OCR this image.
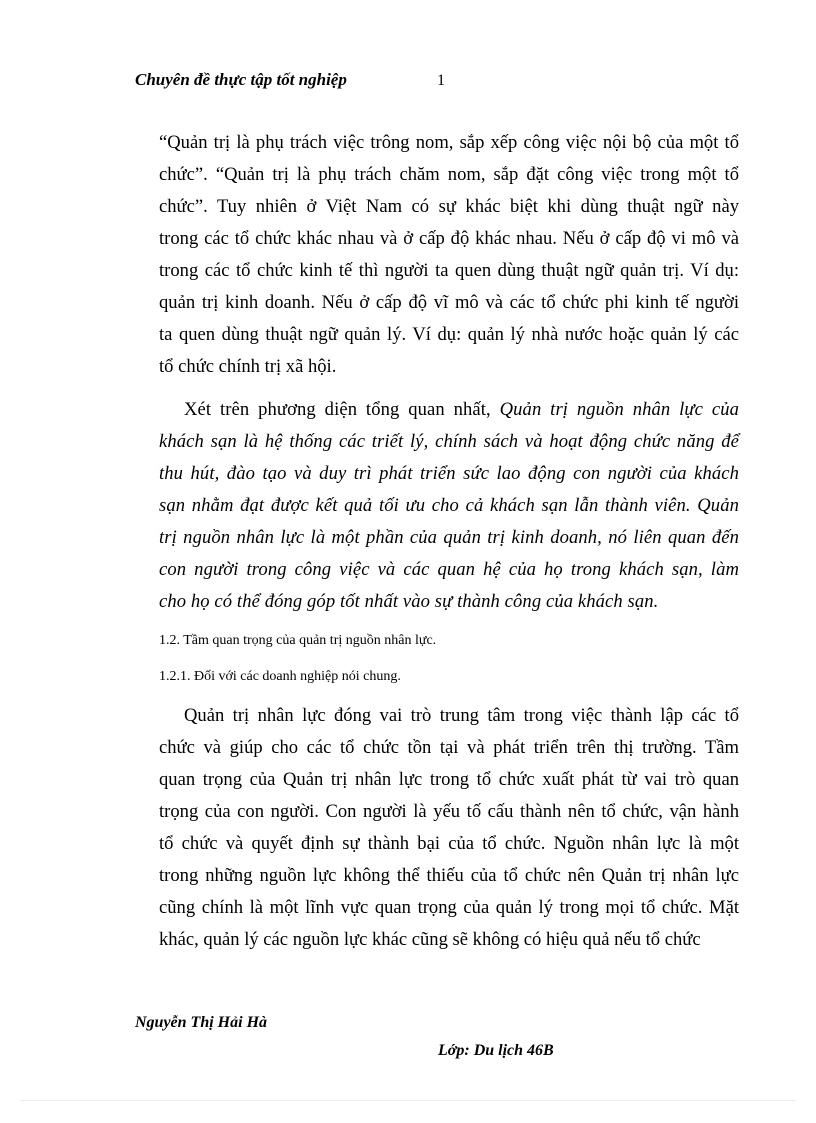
Chuyên đề thực tập tốt nghiệp	1
“Quản trị là phụ trách việc trông nom, sắp xếp công việc nội bộ của một tổ
chức”. “Quản trị là phụ trách chăm nom, sắp đặt công việc trong một tổ
chức”. Tuy nhiên ở Việt Nam có sự khác biệt khi dùng thuật ngữ này
trong các tổ chức khác nhau và ở cấp độ khác nhau. Nếu ở cấp độ vi mô và
trong các tổ chức kinh tế thì người ta quen dùng thuật ngữ quản trị. Ví dụ:
quản trị kinh doanh. Nếu ở cấp độ vĩ mô và các tổ chức phi kinh tế người
ta quen dùng thuật ngữ quản lý. Ví dụ: quản lý nhà nước hoặc quản lý các
tổ chức chính trị xã hội.
Xét trên phương diện tổng quan nhất, Quản trị nguồn nhân lực của
khách sạn là hệ thống các triết lý, chính sách và hoạt động chức năng để
thu hút, đào tạo và duy trì phát triển sức lao động con người của khách
sạn nhằm đạt được kết quả tối ưu cho cả khách sạn lẫn thành viên. Quản
trị nguồn nhân lực là một phần của quản trị kinh doanh, nó liên quan đến
con người trong công việc và các quan hệ của họ trong khách sạn, làm
cho họ có thể đóng góp tốt nhất vào sự thành công của khách sạn.
1.2. Tầm quan trọng của quản trị nguồn nhân lực.
1.2.1. Đối với các doanh nghiệp nói chung.
Quản trị nhân lực đóng vai trò trung tâm trong việc thành lập các tổ
chức và giúp cho các tổ chức tồn tại và phát triển trên thị trường. Tầm
quan trọng của Quản trị nhân lực trong tổ chức xuất phát từ vai trò quan
trọng của con người. Con người là yếu tố cấu thành nên tổ chức, vận hành
tổ chức và quyết định sự thành bại của tổ chức. Nguồn nhân lực là một
trong những nguồn lực không thể thiếu của tổ chức nên Quản trị nhân lực
cũng chính là một lĩnh vực quan trọng của quản lý trong mọi tổ chức. Mặt
khác, quản lý các nguồn lực khác cũng sẽ không có hiệu quả nếu tổ chức
Nguyễn Thị Hải Hà
Lớp: Du lịch 46B
